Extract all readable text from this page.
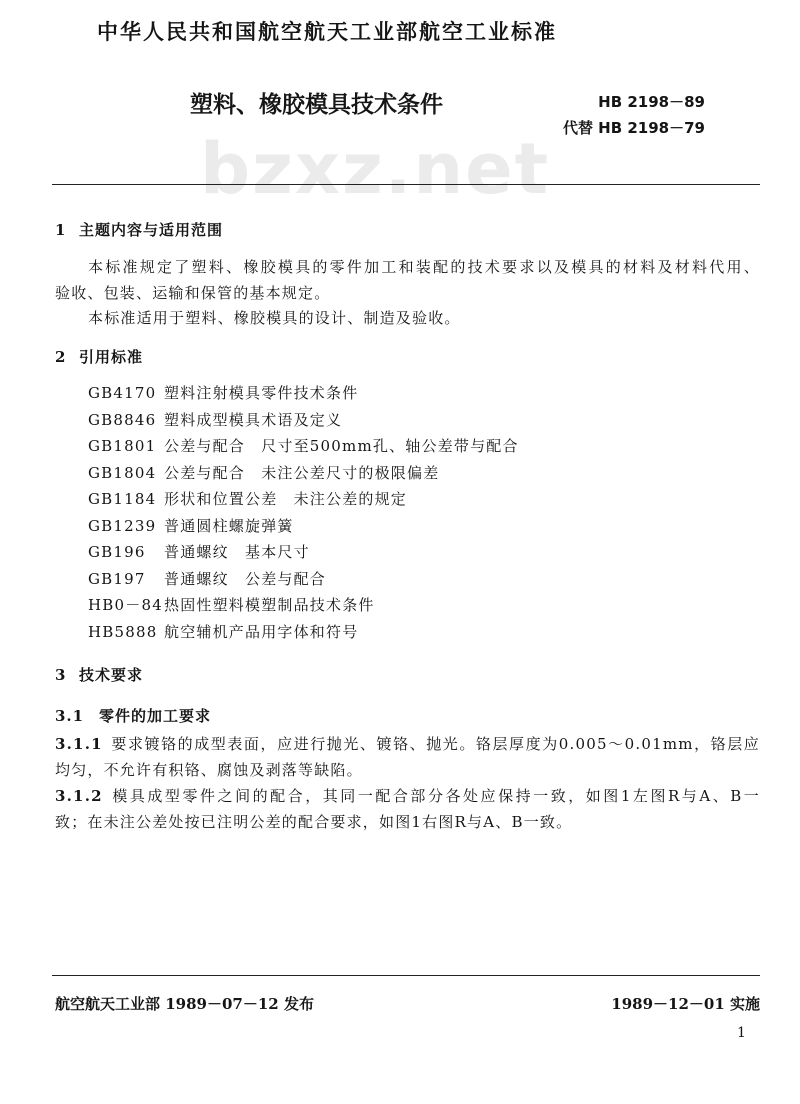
bzxz.net
中华人民共和国航空航天工业部航空工业标准
塑料、橡胶模具技术条件	HB 2198－89
代替 HB 2198－79
1 主题内容与适用范围
本标准规定了塑料、橡胶模具的零件加工和装配的技术要求以及模具的材料及材料代用、
验收、包装、运输和保管的基本规定。
本标准适用于塑料、橡胶模具的设计、制造及验收。
2 引用标准
GB4170 塑料注射模具零件技术条件
GB8846 塑料成型模具术语及定义
GB1801 公差与配合　尺寸至500mm孔、轴公差带与配合
GB1804 公差与配合　未注公差尺寸的极限偏差
GB1184 形状和位置公差　未注公差的规定
GB1239 普通圆柱螺旋弹簧
GB196	普通螺纹　基本尺寸
GB197	普通螺纹　公差与配合
HB0－84 热固性塑料模塑制品技术条件
HB5888 航空辅机产品用字体和符号
3 技术要求
3.1 零件的加工要求
3.1.1 要求镀铬的成型表面，应进行抛光、镀铬、抛光。铬层厚度为0.005～0.01mm，铬层应
均匀，不允许有积铬、腐蚀及剥落等缺陷。
3.1.2 模具成型零件之间的配合，其同一配合部分各处应保持一致，如图1左图R与A、B一
致；在未注公差处按已注明公差的配合要求，如图1右图R与A、B一致。
航空航天工业部 1989－07－12 发布	1989－12－01 实施
1
